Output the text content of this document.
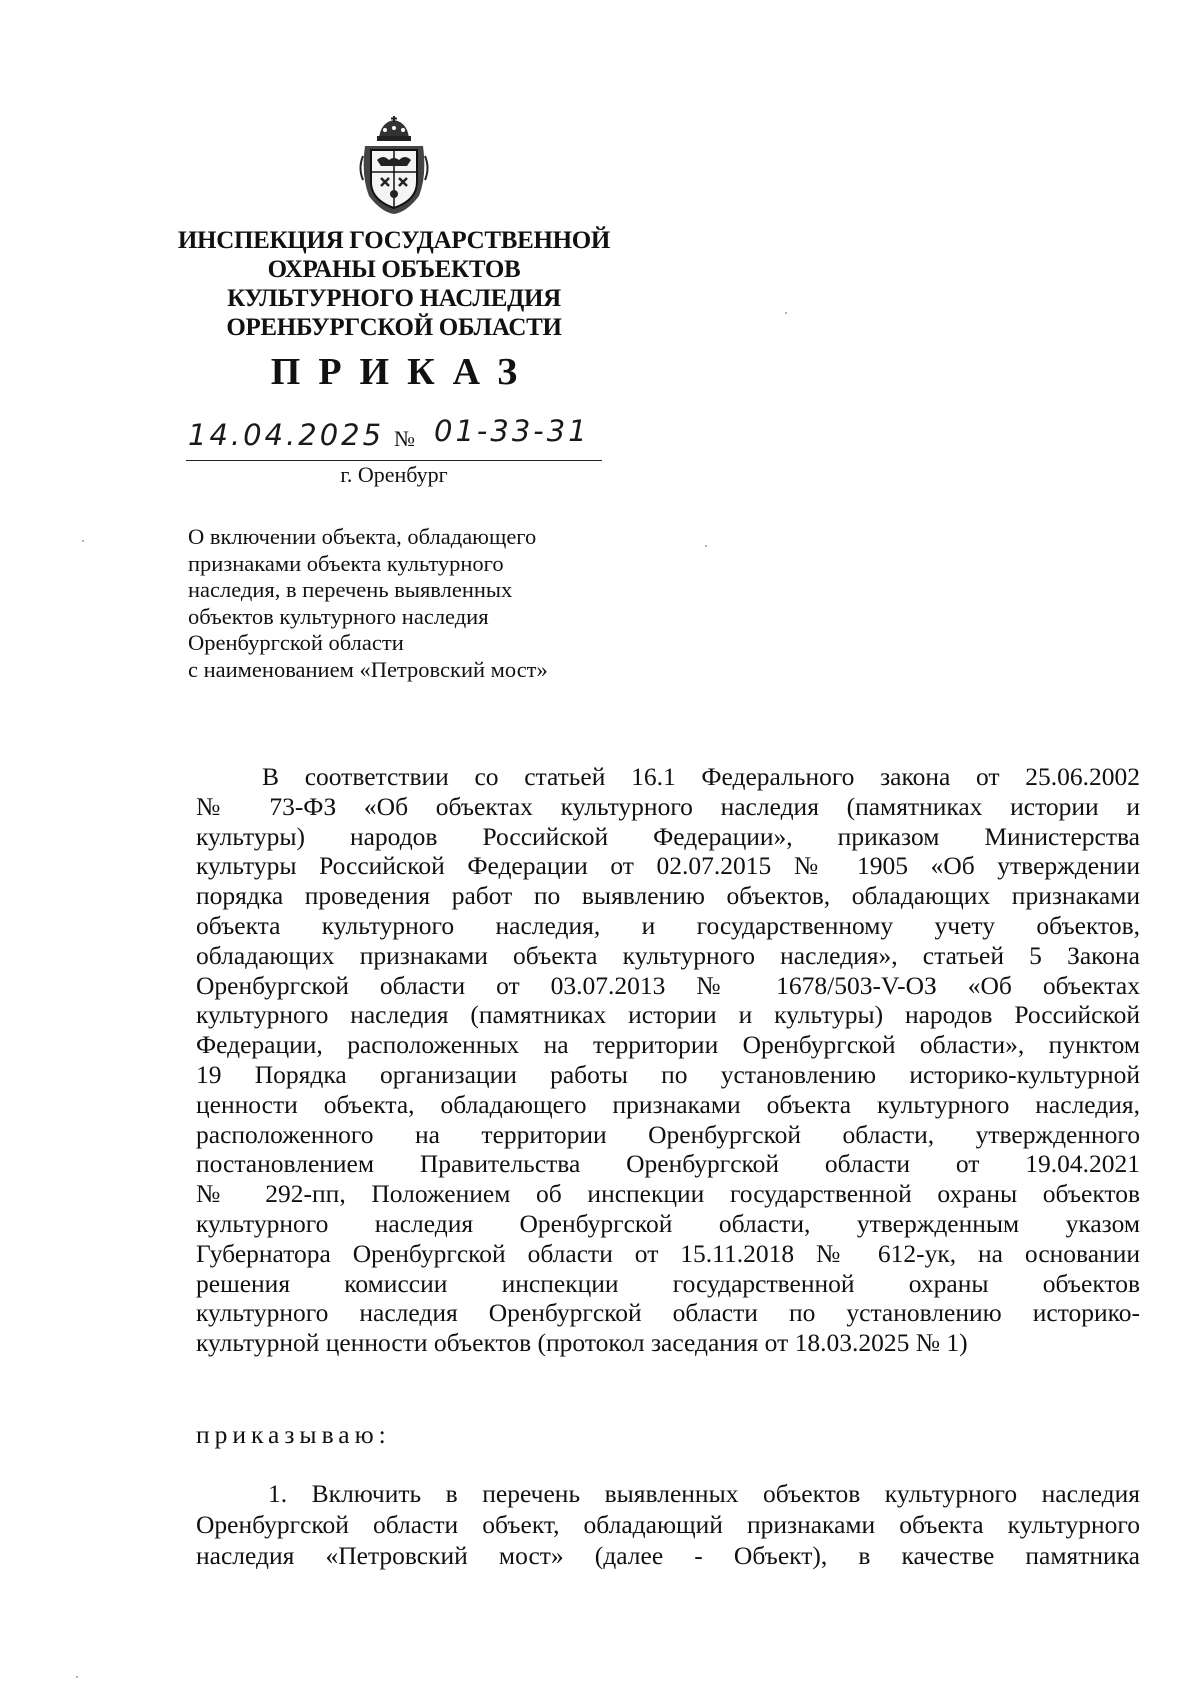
ИНСПЕКЦИЯ ГОСУДАРСТВЕННОЙ
ОХРАНЫ ОБЪЕКТОВ
КУЛЬТУРНОГО НАСЛЕДИЯ
ОРЕНБУРГСКОЙ ОБЛАСТИ
ПРИКАЗ
14.04.2025 № 01-33-31
г. Оренбург
О включении объекта, обладающего
признаками объекта культурного
наследия, в перечень выявленных
объектов культурного наследия
Оренбургской области
с наименованием «Петровский мост»
В соответствии со статьей 16.1 Федерального закона от 25.06.2002
№ 73-ФЗ «Об объектах культурного наследия (памятниках истории и
культуры) народов Российской Федерации», приказом Министерства
культуры Российской Федерации от 02.07.2015 № 1905 «Об утверждении
порядка проведения работ по выявлению объектов, обладающих признаками
объекта культурного наследия, и государственному учету объектов,
обладающих признаками объекта культурного наследия», статьей 5 Закона
Оренбургской области от 03.07.2013 № 1678/503-V-ОЗ «Об объектах
культурного наследия (памятниках истории и культуры) народов Российской
Федерации, расположенных на территории Оренбургской области», пунктом
19 Порядка организации работы по установлению историко-культурной
ценности объекта, обладающего признаками объекта культурного наследия,
расположенного на территории Оренбургской области, утвержденного
постановлением Правительства Оренбургской области от 19.04.2021
№ 292-пп, Положением об инспекции государственной охраны объектов
культурного наследия Оренбургской области, утвержденным указом
Губернатора Оренбургской области от 15.11.2018 № 612-ук, на основании
решения комиссии инспекции государственной охраны объектов
культурного наследия Оренбургской области по установлению историко-
культурной ценности объектов (протокол заседания от 18.03.2025 № 1)
приказываю:
1. Включить в перечень выявленных объектов культурного наследия
Оренбургской области объект, обладающий признаками объекта культурного
наследия «Петровский мост» (далее - Объект), в качестве памятника
